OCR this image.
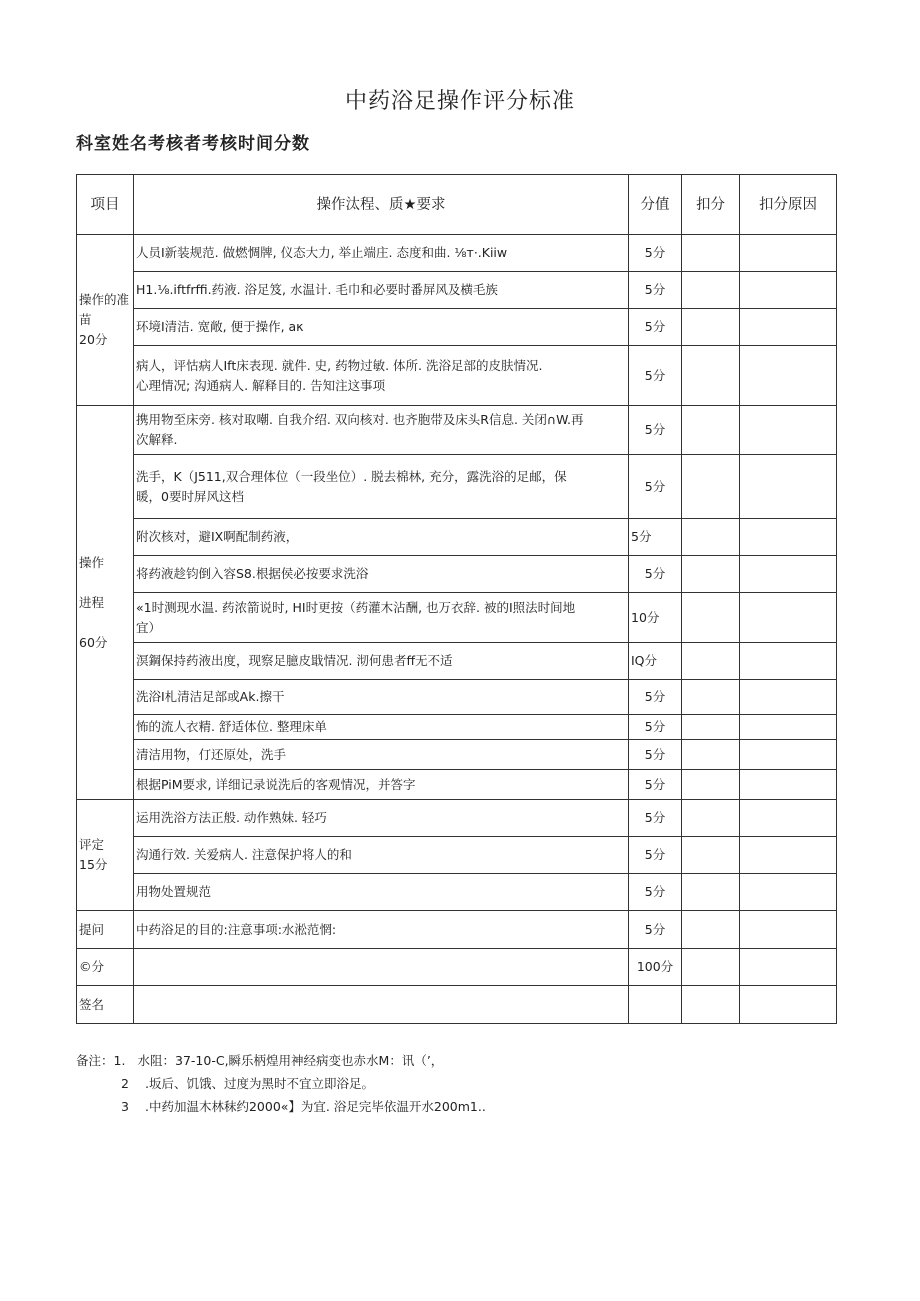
中药浴足操作评分标准
科室姓名考核者考核时间分数
项目	操作汰程、质★要求	分值	扣分	扣分原因
操作的准
苗
20分	人员I新装规范. 做燃惆牌, 仪态大力, 举止端庄. 态度和曲. ⅛т·.Kiiw	5分		
	H1.⅛.iftfrffi.药液. 浴足笈, 水温计. 毛巾和必要时番屏风及横毛族	5分		
	环境I清洁. 宽敞, 便于操作, aκ	5分		
	病人，评怙病人Ift床表现. 就件. 史, 药物过敏. 体所. 洗浴足部的皮肤情况.
心理情况; 沟通病人. 解释目的. 告知注这事项	5分		
操作

进程

60分	携用物至床旁. 核对取嘲. 自我介绍. 双向核对. 也齐胞带及床头R信息. 关闭∩W.再
次解释.	5分		
	洗手，K（J511,双合理体位（一段坐位）. 脱去棉林, 充分，露洗浴的足邮，保
暖，0要时屏风这档	5分		
	附次核对，避IX啊配制药液，	5分		
	将药液趁钧倒入容S8.根据侯必按要求洗浴	5分		
	«1时测现水温. 药浓箭说时, HI时更按（药灌木沾酬, 也万衣辞. 被的I照法时间地
宜）	10分		
	溟鋼保持药液出度，现察足臆皮戢情况. 沏何患者ff无不适	IQ分		
	洗浴I札清洁足部或Ak.擦干	5分		
	怖的流人衣精. 舒适体位. 整理床单	5分		
	清洁用物，仃还原处，洗手	5分		
	根据PiM要求, 详细记录说洗后的客观情况，并答字	5分		
评定
15分	运用洗浴方法正般. 动作熟妹. 轻巧	5分		
	沟通行效. 关爱病人. 注意保护将人的和	5分		
	用物处置规范	5分		
提问	中药浴足的目的:注意事项:水淞范惘:	5分		
©分		100分		
签名				
备注： 1. 水阻：37-10-C,瞬乐柄煌用神经病变也赤水M：讯（’，
2 .坂后、饥饿、过度为黑时不宜立即浴足。
3 .中药加温木林秣约2000«】为宜. 浴足完毕依温开水200m1..
